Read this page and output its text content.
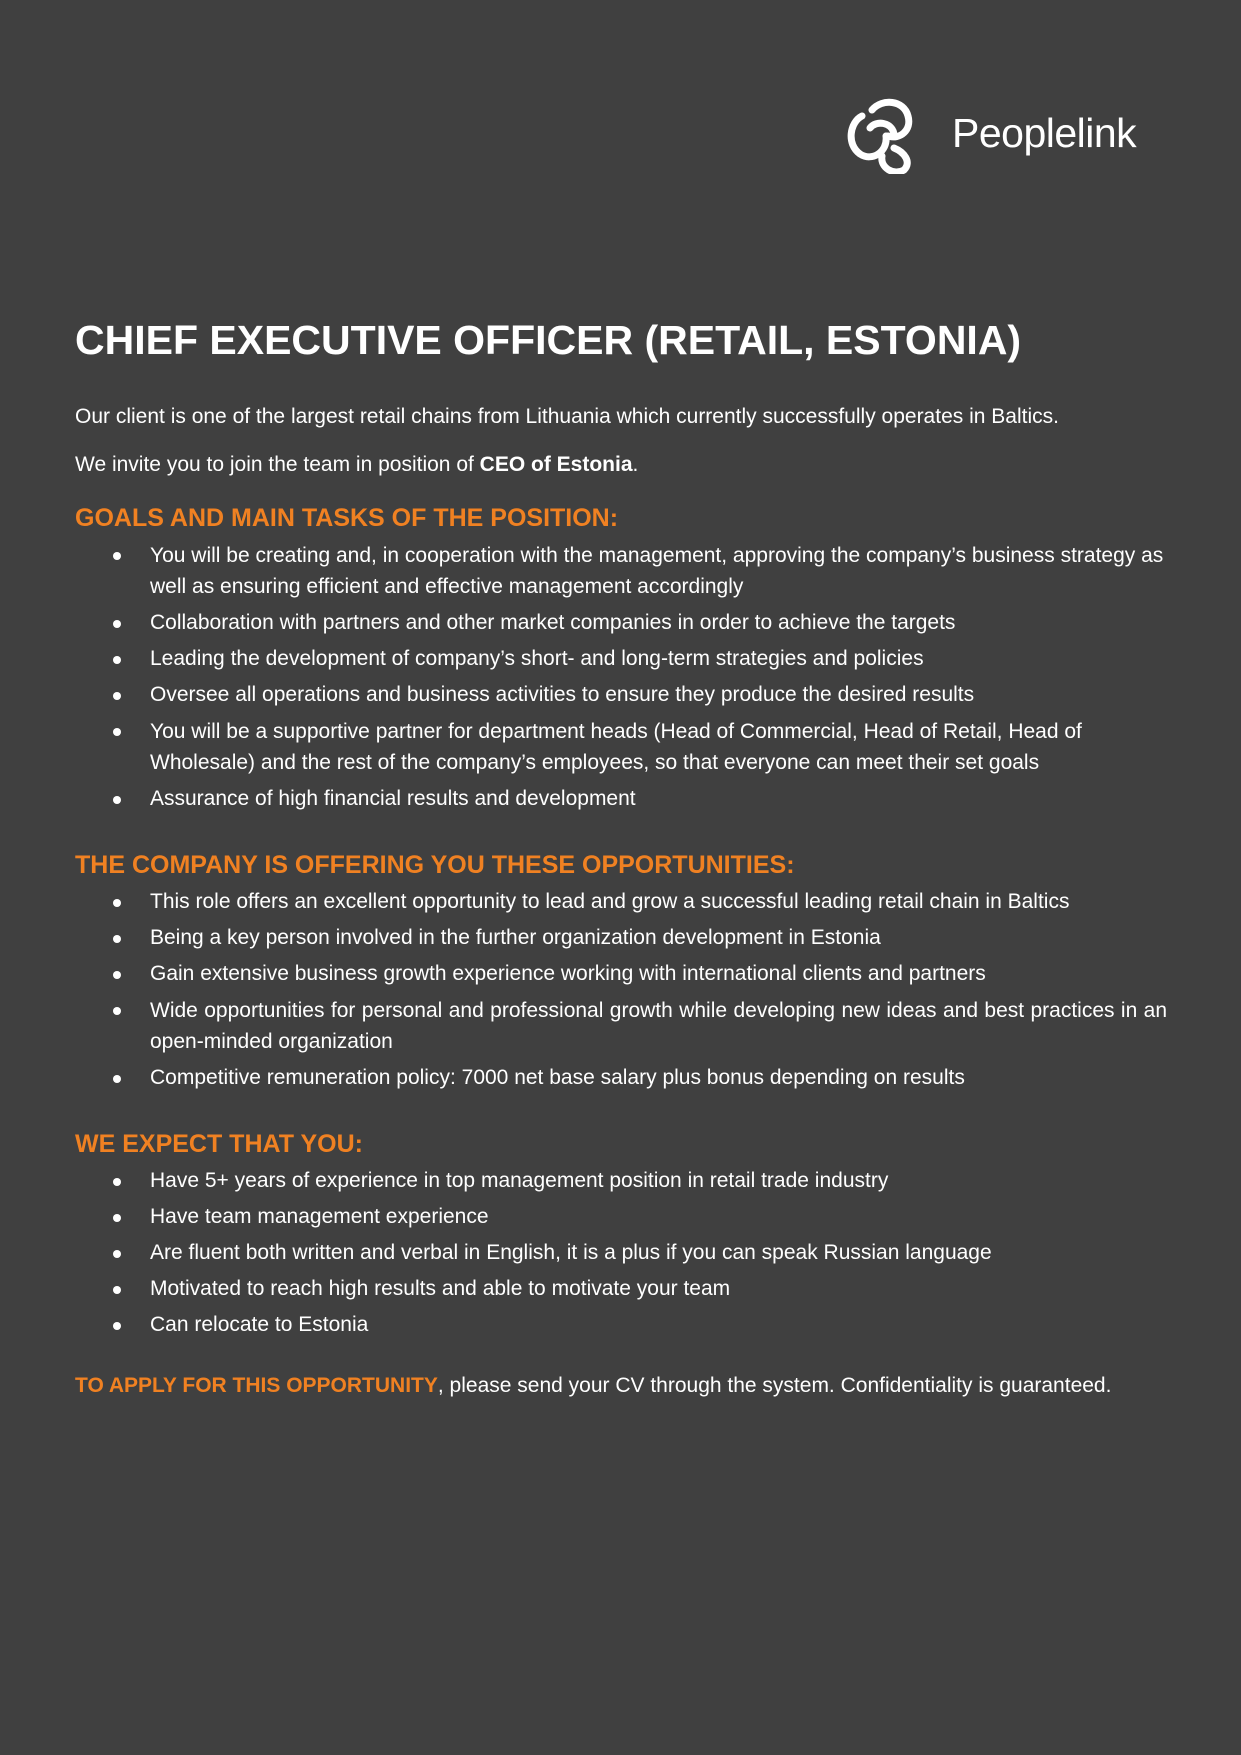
Peoplelink
CHIEF EXECUTIVE OFFICER (RETAIL, ESTONIA)

Our client is one of the largest retail chains from Lithuania which currently successfully operates in Baltics.

We invite you to join the team in position of CEO of Estonia.

GOALS AND MAIN TASKS OF THE POSITION:
You will be creating and, in cooperation with the management, approving the company’s business strategy as well as ensuring efficient and effective management accordingly
Collaboration with partners and other market companies in order to achieve the targets
Leading the development of company’s short- and long-term strategies and policies
Oversee all operations and business activities to ensure they produce the desired results
You will be a supportive partner for department heads (Head of Commercial, Head of Retail, Head of Wholesale) and the rest of the company’s employees, so that everyone can meet their set goals
Assurance of high financial results and development
THE COMPANY IS OFFERING YOU THESE OPPORTUNITIES:
This role offers an excellent opportunity to lead and grow a successful leading retail chain in Baltics
Being a key person involved in the further organization development in Estonia
Gain extensive business growth experience working with international clients and partners
Wide opportunities for personal and professional growth while developing new ideas and best practices in an open-minded organization
Competitive remuneration policy: 7000 net base salary plus bonus depending on results
WE EXPECT THAT YOU:
Have 5+ years of experience in top management position in retail trade industry
Have team management experience
Are fluent both written and verbal in English, it is a plus if you can speak Russian language
Motivated to reach high results and able to motivate your team
Can relocate to Estonia

TO APPLY FOR THIS OPPORTUNITY, please send your CV through the system. Confidentiality is guaranteed.
